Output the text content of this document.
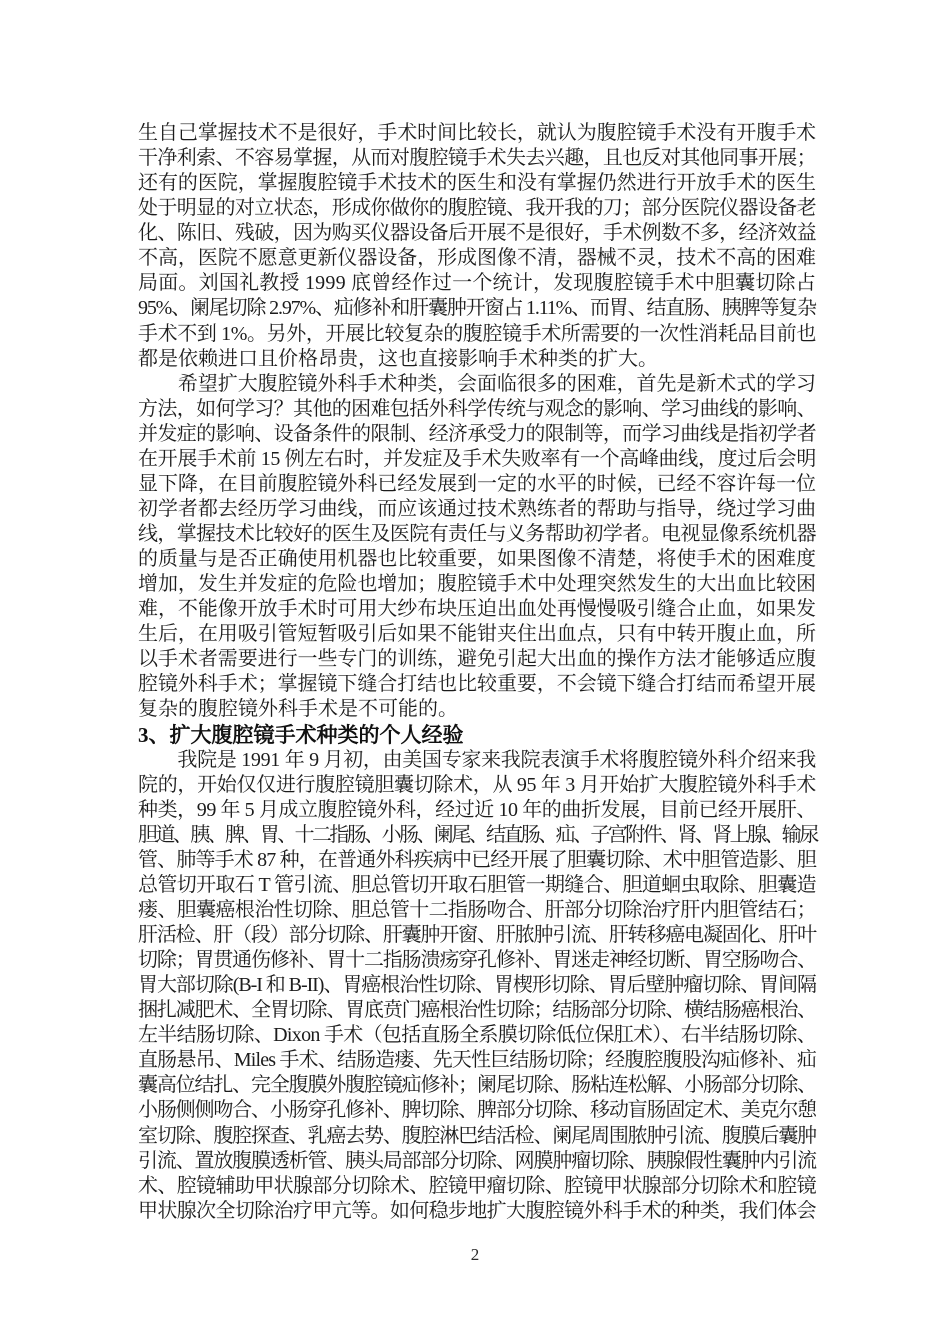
生自己掌握技术不是很好，手术时间比较长，就认为腹腔镜手术没有开腹手术
干净利索、不容易掌握，从而对腹腔镜手术失去兴趣，且也反对其他同事开展；
还有的医院，掌握腹腔镜手术技术的医生和没有掌握仍然进行开放手术的医生
处于明显的对立状态，形成你做你的腹腔镜、我开我的刀；部分医院仪器设备老
化、陈旧、残破，因为购买仪器设备后开展不是很好，手术例数不多，经济效益
不高，医院不愿意更新仪器设备，形成图像不清，器械不灵，技术不高的困难
局面。刘国礼教授 1999 底曾经作过一个统计，发现腹腔镜手术中胆囊切除占
95%、阑尾切除 2.97%、疝修补和肝囊肿开窗占 1.11%、而胃、结直肠、胰脾等复杂
手术不到 1%。另外，开展比较复杂的腹腔镜手术所需要的一次性消耗品目前也
都是依赖进口且价格昂贵，这也直接影响手术种类的扩大。
　　希望扩大腹腔镜外科手术种类，会面临很多的困难，首先是新术式的学习
方法，如何学习？其他的困难包括外科学传统与观念的影响、学习曲线的影响、
并发症的影响、设备条件的限制、经济承受力的限制等，而学习曲线是指初学者
在开展手术前 15 例左右时，并发症及手术失败率有一个高峰曲线，度过后会明
显下降，在目前腹腔镜外科已经发展到一定的水平的时候，已经不容许每一位
初学者都去经历学习曲线，而应该通过技术熟练者的帮助与指导，绕过学习曲
线，掌握技术比较好的医生及医院有责任与义务帮助初学者。电视显像系统机器
的质量与是否正确使用机器也比较重要，如果图像不清楚，将使手术的困难度
增加，发生并发症的危险也增加；腹腔镜手术中处理突然发生的大出血比较困
难，不能像开放手术时可用大纱布块压迫出血处再慢慢吸引缝合止血，如果发
生后，在用吸引管短暂吸引后如果不能钳夹住出血点，只有中转开腹止血，所
以手术者需要进行一些专门的训练，避免引起大出血的操作方法才能够适应腹
腔镜外科手术；掌握镜下缝合打结也比较重要，不会镜下缝合打结而希望开展
复杂的腹腔镜外科手术是不可能的。
3、扩大腹腔镜手术种类的个人经验
　　我院是 1991 年 9 月初，由美国专家来我院表演手术将腹腔镜外科介绍来我
院的，开始仅仅进行腹腔镜胆囊切除术，从 95 年 3 月开始扩大腹腔镜外科手术
种类，99 年 5 月成立腹腔镜外科，经过近 10 年的曲折发展，目前已经开展肝、
胆道、胰、脾、胃、十二指肠、小肠、阑尾、结直肠、疝、子宫附件、肾、肾上腺、输尿
管、肺等手术 87 种，在普通外科疾病中已经开展了胆囊切除、术中胆管造影、胆
总管切开取石 T 管引流、胆总管切开取石胆管一期缝合、胆道蛔虫取除、胆囊造
瘘、胆囊癌根治性切除、胆总管十二指肠吻合、肝部分切除治疗肝内胆管结石；
肝活检、肝（段）部分切除、肝囊肿开窗、肝脓肿引流、肝转移癌电凝固化、肝叶
切除；胃贯通伤修补、胃十二指肠溃疡穿孔修补、胃迷走神经切断、胃空肠吻合、
胃大部切除(B-I 和 B-II)、胃癌根治性切除、胃楔形切除、胃后壁肿瘤切除、胃间隔
捆扎减肥术、全胃切除、胃底贲门癌根治性切除；结肠部分切除、横结肠癌根治、
左半结肠切除、Dixon 手术（包括直肠全系膜切除低位保肛术）、右半结肠切除、
直肠悬吊、Miles 手术、结肠造瘘、先天性巨结肠切除；经腹腔腹股沟疝修补、疝
囊高位结扎、完全腹膜外腹腔镜疝修补；阑尾切除、肠粘连松解、小肠部分切除、
小肠侧侧吻合、小肠穿孔修补、脾切除、脾部分切除、移动盲肠固定术、美克尔憩
室切除、腹腔探查、乳癌去势、腹腔淋巴结活检、阑尾周围脓肿引流、腹膜后囊肿
引流、置放腹膜透析管、胰头局部部分切除、网膜肿瘤切除、胰腺假性囊肿内引流
术、腔镜辅助甲状腺部分切除术、腔镜甲瘤切除、腔镜甲状腺部分切除术和腔镜
甲状腺次全切除治疗甲亢等。如何稳步地扩大腹腔镜外科手术的种类，我们体会
2
